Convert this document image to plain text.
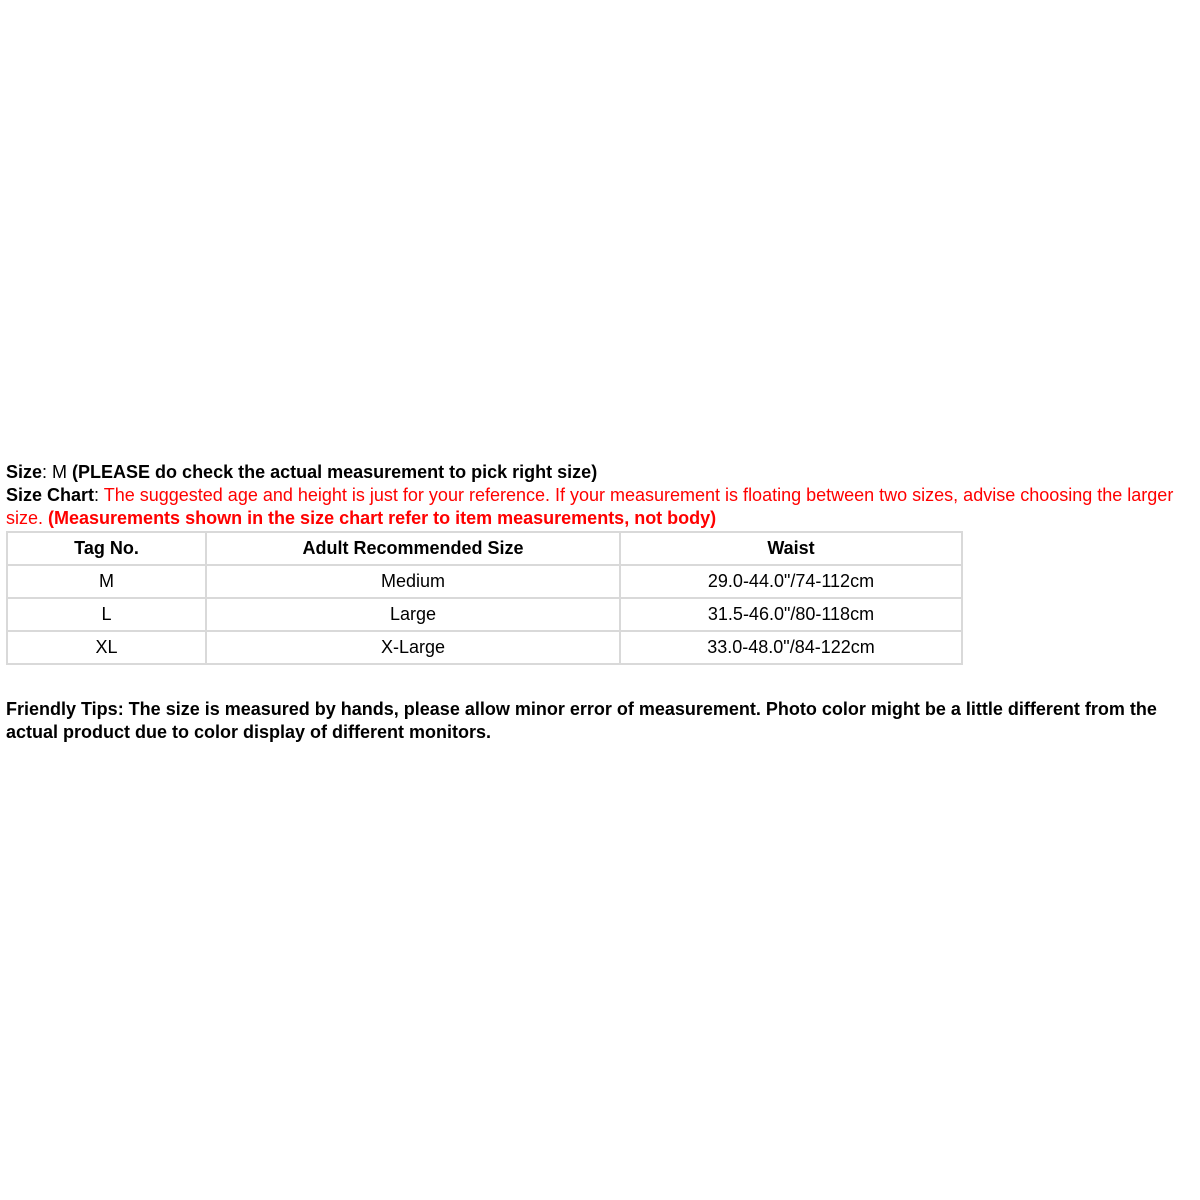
Size: M (PLEASE do check the actual measurement to pick right size)

Size Chart: The suggested age and height is just for your reference. If your measurement is floating between two sizes, advise choosing the larger size. (Measurements shown in the size chart refer to item measurements, not body)

Tag No.	Adult Recommended Size	Waist
M	Medium	29.0-44.0"/74-112cm
L	Large	31.5-46.0"/80-118cm
XL	X-Large	33.0-48.0"/84-122cm

Friendly Tips: The size is measured by hands, please allow minor error of measurement. Photo color might be a little different from the actual product due to color display of different monitors.
